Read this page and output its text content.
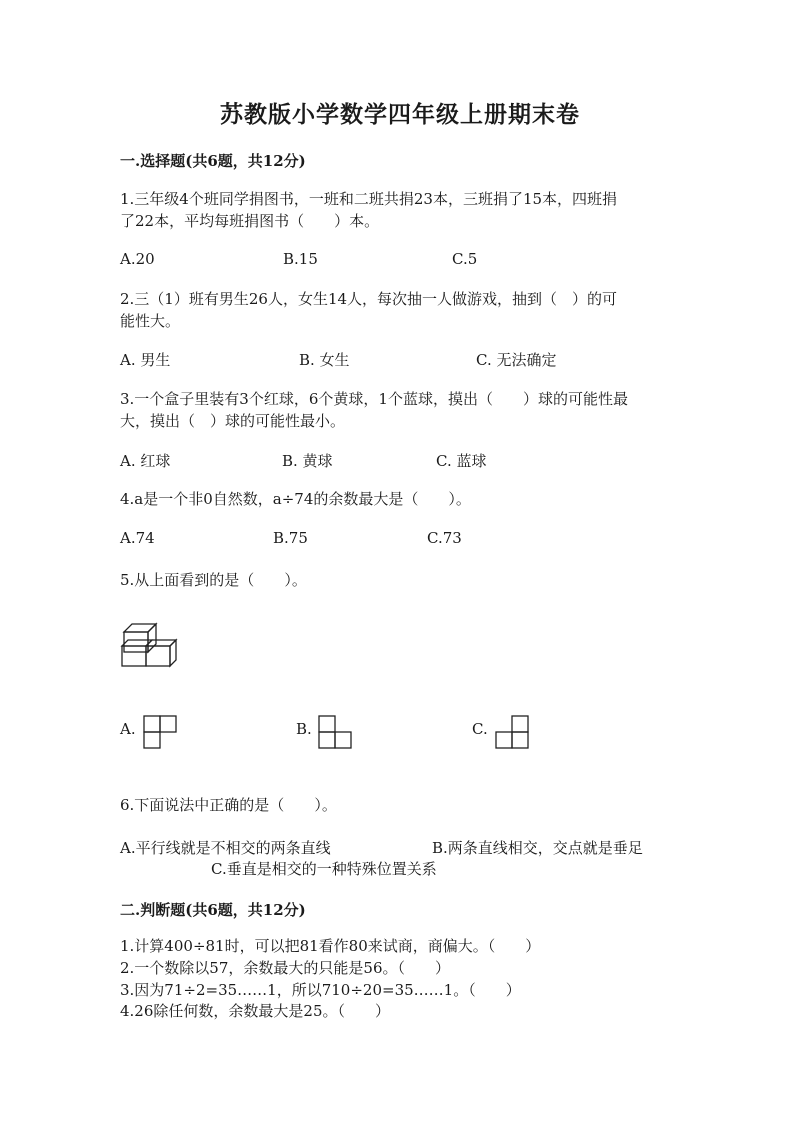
苏教版小学数学四年级上册期末卷
一.选择题(共6题，共12分)
1.三年级4个班同学捐图书，一班和二班共捐23本，三班捐了15本，四班捐
了22本，平均每班捐图书（　　）本。
A.20	B.15	C.5
2.三（1）班有男生26人，女生14人，每次抽一人做游戏，抽到（　）的可
能性大。
A. 男生	B. 女生	C. 无法确定
3.一个盒子里装有3个红球，6个黄球，1个蓝球，摸出（　　）球的可能性最
大，摸出（　）球的可能性最小。
A. 红球	B. 黄球	C. 蓝球
4.a是一个非0自然数，a÷74的余数最大是（　　）。
A.74	B.75	C.73
5.从上面看到的是（　　）。
A.	B.	C.
6.下面说法中正确的是（　　）。
A.平行线就是不相交的两条直线	B.两条直线相交，交点就是垂足
C.垂直是相交的一种特殊位置关系
二.判断题(共6题，共12分)
1.计算400÷81时，可以把81看作80来试商，商偏大。（　　）
2.一个数除以57，余数最大的只能是56。（　　）
3.因为71÷2=35……1，所以710÷20=35……1。（　　）
4.26除任何数，余数最大是25。（　　）
